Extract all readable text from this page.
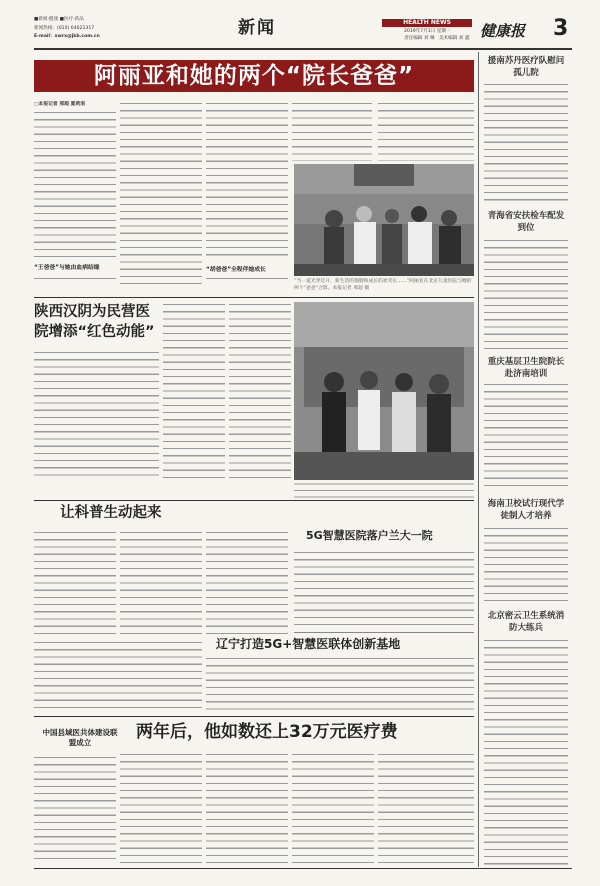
■新闻·健康 ■医疗·药品
新闻热线：(010) 64621317
E-mail：xwrx@jkb.com.cn	新闻	HEALTH NEWS
2019年7月1日 星期一
责任编辑 刘 琳 美术编辑 刘 鑫 健康报 3
阿丽亚和她的两个“院长爸爸”
□本报记者 邢超 夏莉涓
“王爸爸”与她由血病结缘	“胡爸爸”全程伴她成长
“当一道光穿过开，新生活的翅膀和成长的欢笑长……”阿丽亚在北京儿童医院与她的两个“爸爸”合影。本报记者 邢超 摄
陕西汉阴为民营医院增添“红色动能”
让科普生动起来
5G智慧医院落户兰大一院
辽宁打造5G+智慧医联体创新基地
中国县域医共体建设联盟成立
两年后，他如数还上32万元医疗费
援南苏丹医疗队慰问孤儿院
青海省安扶检车配发到位
重庆基层卫生院院长赴济南培训
海南卫校试行现代学徒制人才培养
北京密云卫生系统消防大练兵
